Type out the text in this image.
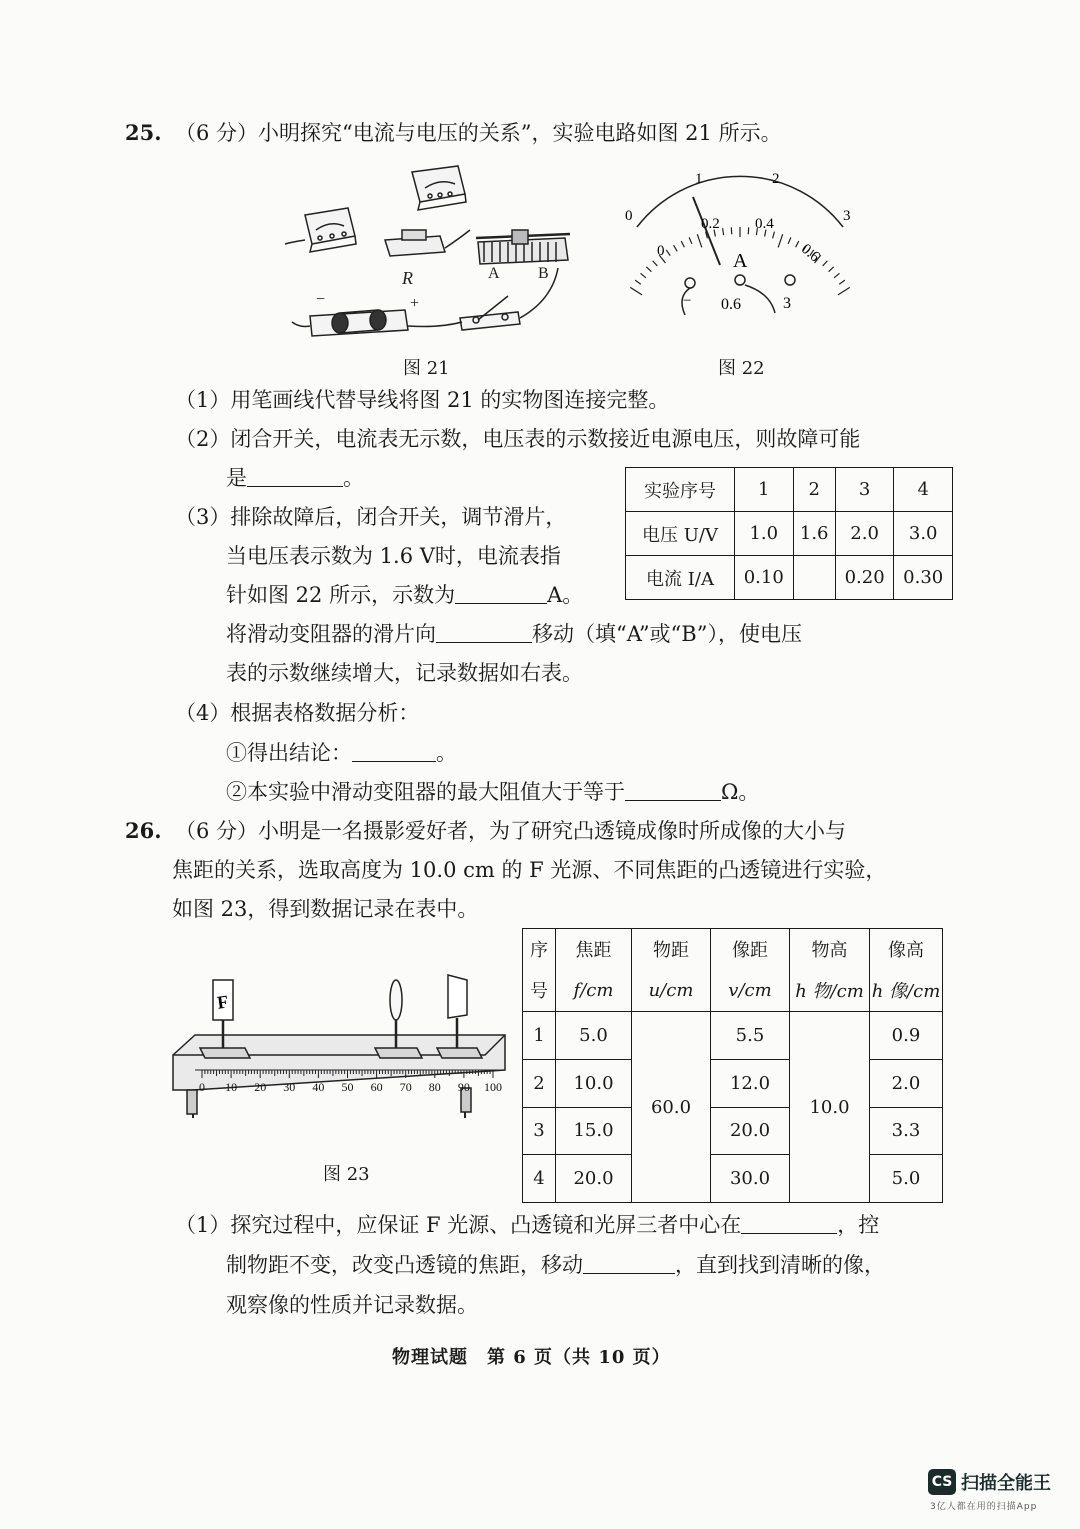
25. （6 分）小明探究“电流与电压的关系”，实验电路如图 21 所示。
R	A B
−	+
0
1	2
3
0
0.2 0.4
0.6
A
− 0.6	3
图 21	图 22
（1）用笔画线代替导线将图 21 的实物图连接完整。
（2）闭合开关，电流表无示数，电压表的示数接近电源电压，则故障可能
是	。
（3）排除故障后，闭合开关，调节滑片，
当电压表示数为 1.6 V时，电流表指
针如图 22 所示，示数为	A。
将滑动变阻器的滑片向	移动（填“A”或“B”），使电压
表的示数继续增大，记录数据如右表。
（4）根据表格数据分析：
①得出结论：	。
②本实验中滑动变阻器的最大阻值大于等于	Ω。
实验序号	1	2	3	4
电压 U/V	1.0	1.6	2.0	3.0
电流 I/A	0.10		0.20	0.30
26. （6 分）小明是一名摄影爱好者，为了研究凸透镜成像时所成像的大小与
焦距的关系，选取高度为 10.0 cm 的 F 光源、不同焦距的凸透镜进行实验，
如图 23，得到数据记录在表中。
0 10 20 30 40 50 60 70 80 90 100
F
图 23
序	焦距	物距	像距	物高	像高
号	f/cm	u/cm	v/cm	h 物/cm	h 像/cm
1	5.0	60.0	5.5	10.0	0.9
2	10.0		12.0		2.0
3	15.0		20.0		3.3
4	20.0		30.0		5.0
（1）探究过程中，应保证 F 光源、凸透镜和光屏三者中心在	，控
制物距不变，改变凸透镜的焦距，移动	，直到找到清晰的像，
观察像的性质并记录数据。
物理试题　第 6 页（共 10 页）
CS 扫描全能王
3亿人都在用的扫描App
